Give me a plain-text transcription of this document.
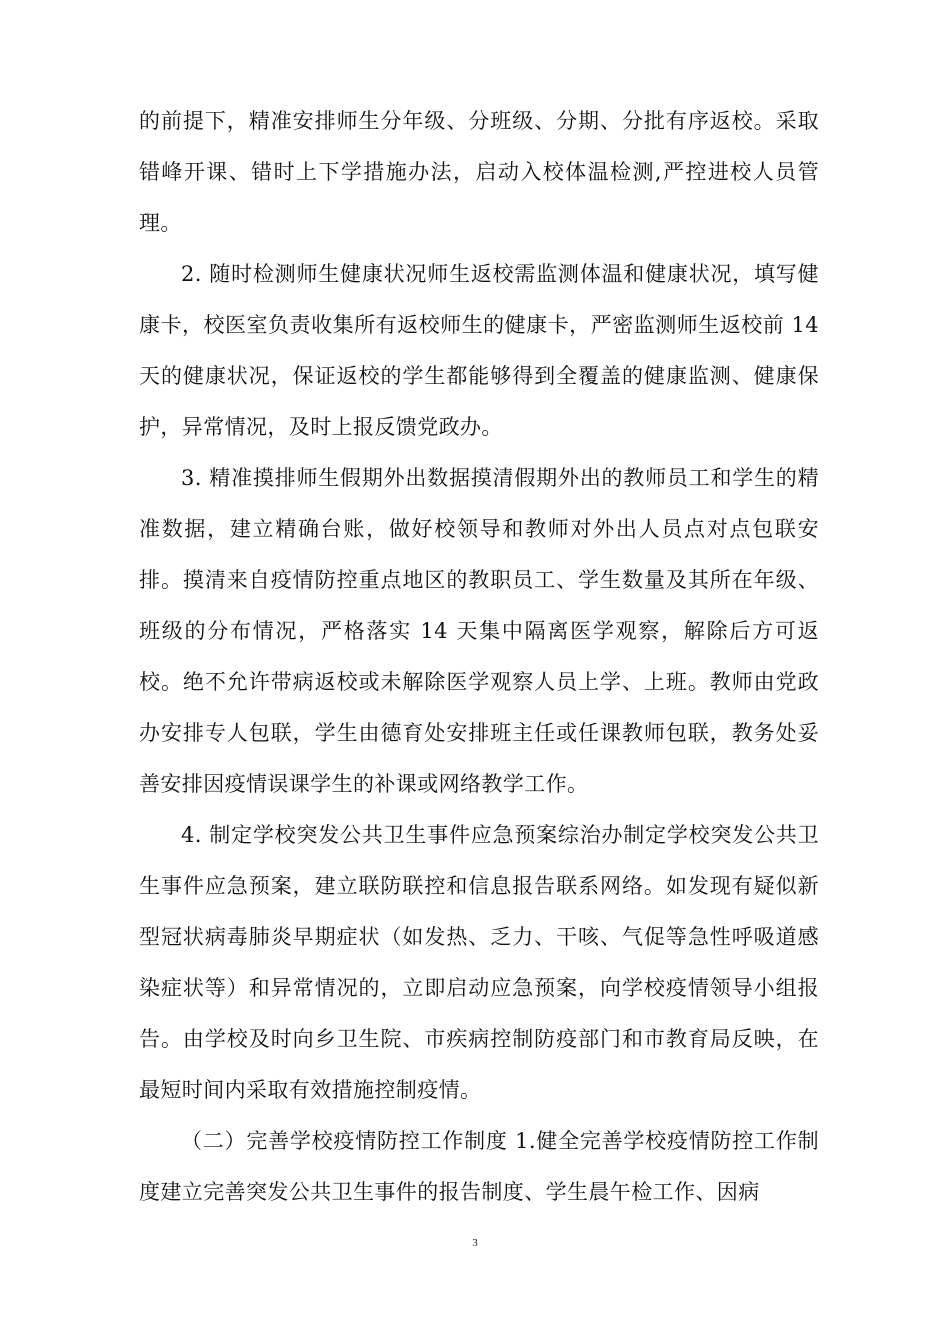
的前提下，精准安排师生分年级、分班级、分期、分批有序返校。采取错峰开课、错时上下学措施办法，启动入校体温检测,严控进校人员管理。

2. 随时检测师生健康状况师生返校需监测体温和健康状况，填写健康卡，校医室负责收集所有返校师生的健康卡，严密监测师生返校前 14 天的健康状况，保证返校的学生都能够得到全覆盖的健康监测、健康保护，异常情况，及时上报反馈党政办。

3. 精准摸排师生假期外出数据摸清假期外出的教师员工和学生的精准数据，建立精确台账，做好校领导和教师对外出人员点对点包联安排。摸清来自疫情防控重点地区的教职员工、学生数量及其所在年级、班级的分布情况，严格落实 14 天集中隔离医学观察，解除后方可返校。绝不允许带病返校或未解除医学观察人员上学、上班。教师由党政办安排专人包联，学生由德育处安排班主任或任课教师包联，教务处妥善安排因疫情误课学生的补课或网络教学工作。

4. 制定学校突发公共卫生事件应急预案综治办制定学校突发公共卫生事件应急预案，建立联防联控和信息报告联系网络。如发现有疑似新型冠状病毒肺炎早期症状（如发热、乏力、干咳、气促等急性呼吸道感染症状等）和异常情况的，立即启动应急预案，向学校疫情领导小组报告。由学校及时向乡卫生院、市疾病控制防疫部门和市教育局反映，在最短时间内采取有效措施控制疫情。

（二）完善学校疫情防控工作制度 1.健全完善学校疫情防控工作制度建立完善突发公共卫生事件的报告制度、学生晨午检工作、因病

3
